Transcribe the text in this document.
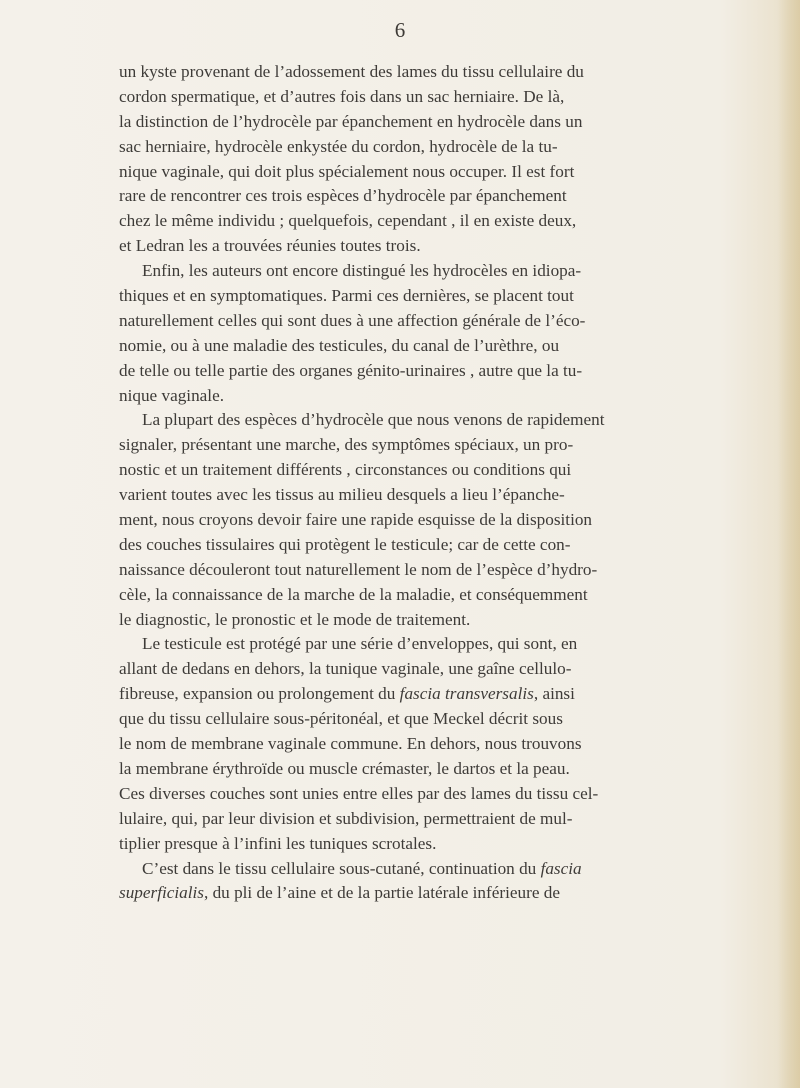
6
un kyste provenant de l’adossement des lames du tissu cellulaire du
cordon spermatique, et d’autres fois dans un sac herniaire. De là,
la distinction de l’hydrocèle par épanchement en hydrocèle dans un
sac herniaire, hydrocèle enkystée du cordon, hydrocèle de la tu-
nique vaginale, qui doit plus spécialement nous occuper. Il est fort
rare de rencontrer ces trois espèces d’hydrocèle par épanchement
chez le même individu ; quelquefois, cependant , il en existe deux,
et Ledran les a trouvées réunies toutes trois.
Enfin, les auteurs ont encore distingué les hydrocèles en idiopa-
thiques et en symptomatiques. Parmi ces dernières, se placent tout
naturellement celles qui sont dues à une affection générale de l’éco-
nomie, ou à une maladie des testicules, du canal de l’urèthre, ou
de telle ou telle partie des organes génito-urinaires , autre que la tu-
nique vaginale.
La plupart des espèces d’hydrocèle que nous venons de rapidement
signaler, présentant une marche, des symptômes spéciaux, un pro-
nostic et un traitement différents , circonstances ou conditions qui
varient toutes avec les tissus au milieu desquels a lieu l’épanche-
ment, nous croyons devoir faire une rapide esquisse de la disposition
des couches tissulaires qui protègent le testicule; car de cette con-
naissance découleront tout naturellement le nom de l’espèce d’hydro-
cèle, la connaissance de la marche de la maladie, et conséquemment
le diagnostic, le pronostic et le mode de traitement.
Le testicule est protégé par une série d’enveloppes, qui sont, en
allant de dedans en dehors, la tunique vaginale, une gaîne cellulo-
fibreuse, expansion ou prolongement du fascia transversalis, ainsi
que du tissu cellulaire sous-péritonéal, et que Meckel décrit sous
le nom de membrane vaginale commune. En dehors, nous trouvons
la membrane érythroïde ou muscle crémaster, le dartos et la peau.
Ces diverses couches sont unies entre elles par des lames du tissu cel-
lulaire, qui, par leur division et subdivision, permettraient de mul-
tiplier presque à l’infini les tuniques scrotales.
C’est dans le tissu cellulaire sous-cutané, continuation du fascia
superficialis, du pli de l’aine et de la partie latérale inférieure de
